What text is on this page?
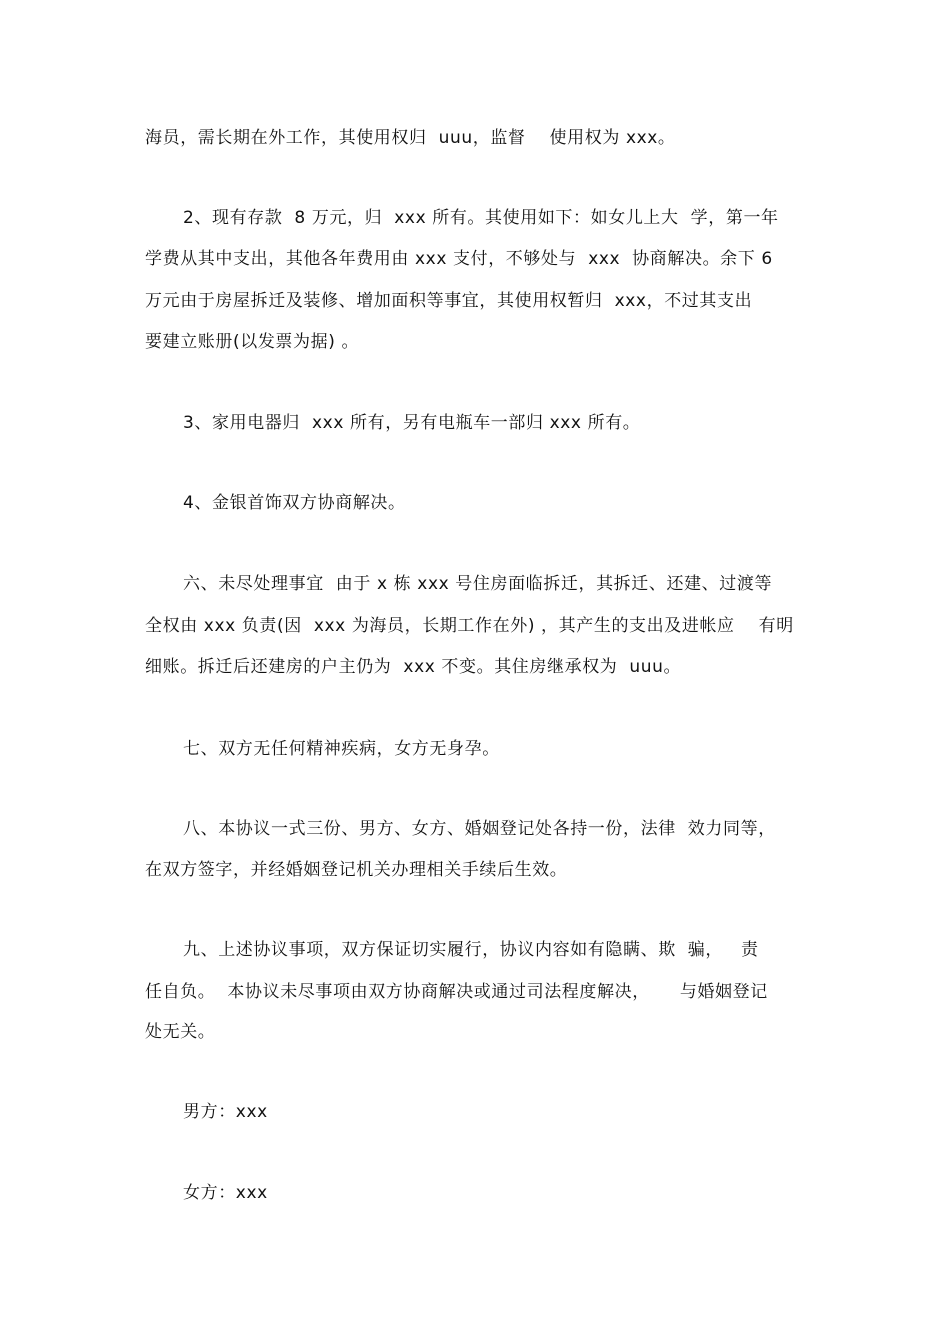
海员，需长期在外工作，其使用权归  uuu，监督    使用权为 xxx。
2、现有存款  8 万元，归  xxx 所有。其使用如下：如女儿上大  学，第一年
学费从其中支出，其他各年费用由 xxx 支付，不够处与  xxx  协商解决。余下 6
万元由于房屋拆迁及装修、增加面积等事宜，其使用权暂归  xxx，不过其支出
要建立账册(以发票为据) 。
3、家用电器归  xxx 所有，另有电瓶车一部归 xxx 所有。
4、金银首饰双方协商解决。
六、未尽处理事宜  由于 x 栋 xxx 号住房面临拆迁，其拆迁、还建、过渡等
全权由 xxx 负责(因  xxx 为海员，长期工作在外) ，其产生的支出及进帐应    有明
细账。拆迁后还建房的户主仍为  xxx 不变。其住房继承权为  uuu。
七、双方无任何精神疾病，女方无身孕。
八、本协议一式三份、男方、女方、婚姻登记处各持一份，法律  效力同等，
在双方签字，并经婚姻登记机关办理相关手续后生效。
九、上述协议事项，双方保证切实履行，协议内容如有隐瞒、欺  骗，   责
任自负。  本协议未尽事项由双方协商解决或通过司法程度解决，     与婚姻登记
处无关。
男方：xxx
女方：xxx
